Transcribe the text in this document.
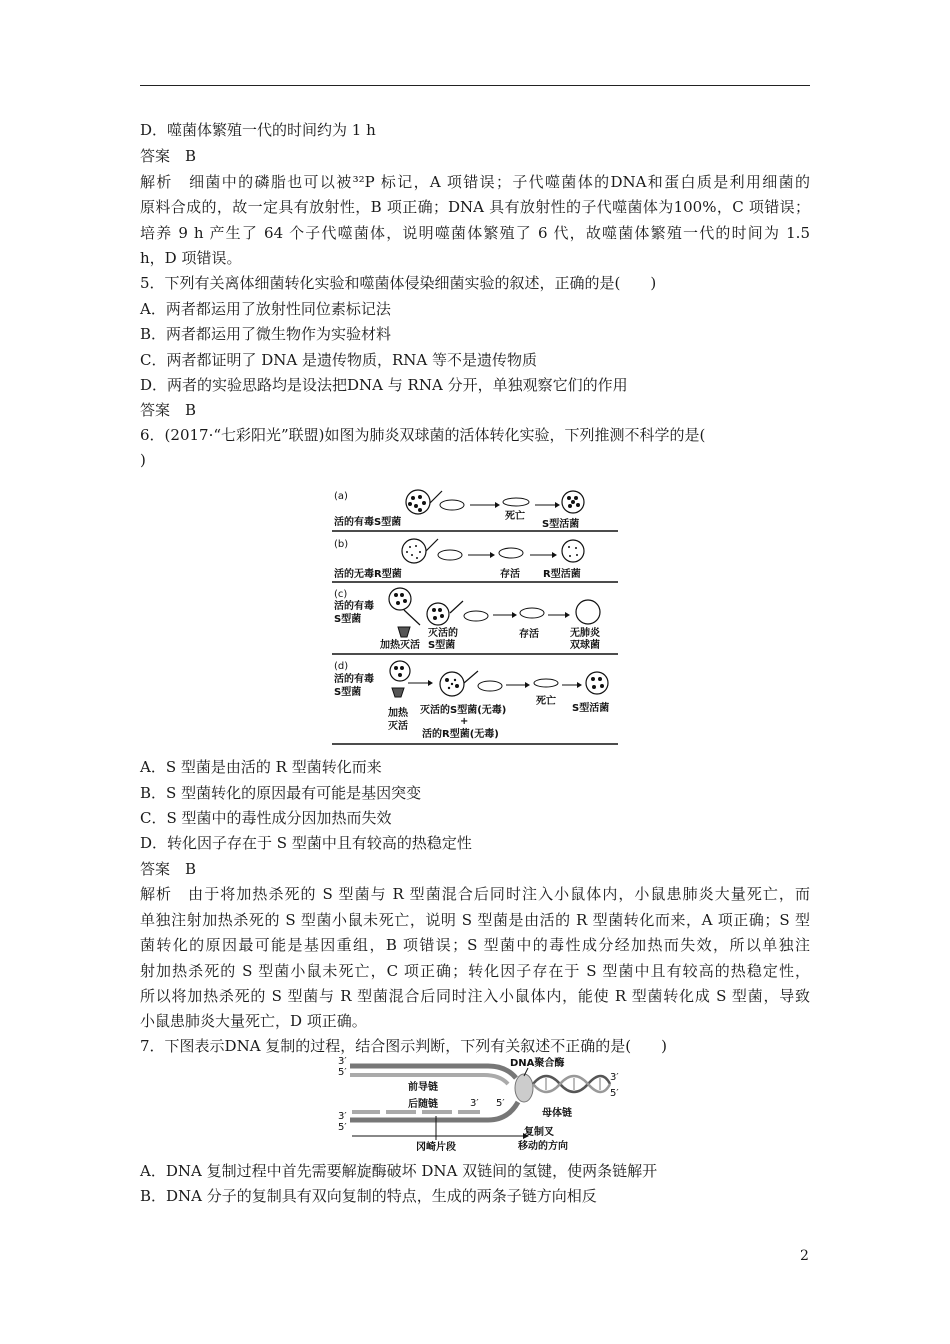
D．噬菌体繁殖一代的时间约为 1 h

答案　B

解析　细菌中的磷脂也可以被³²P 标记，A 项错误；子代噬菌体的DNA和蛋白质是利用细菌的

原料合成的，故一定具有放射性，B 项正确；DNA 具有放射性的子代噬菌体为100%，C 项错误；

培养 9 h 产生了 64 个子代噬菌体，说明噬菌体繁殖了 6 代，故噬菌体繁殖一代的时间为 1.5

h，D 项错误。

5．下列有关离体细菌转化实验和噬菌体侵染细菌实验的叙述，正确的是(　　)

A．两者都运用了放射性同位素标记法

B．两者都运用了微生物作为实验材料

C．两者都证明了 DNA 是遗传物质，RNA 等不是遗传物质

D．两者的实验思路均是设法把DNA 与 RNA 分开，单独观察它们的作用

答案　B

6．(2017·“七彩阳光”联盟)如图为肺炎双球菌的活体转化实验，下列推测不科学的是(

)

(a)
活的有毒S型菌
死亡
S型活菌
(b)
活的无毒R型菌	存活 R型活菌
(c)
活的有毒
S型菌
加热灭活
灭活的
S型菌
存活	无肺炎
双球菌
(d)
活的有毒
S型菌
加热
灭活
灭活的S型菌(无毒)
+
活的R型菌(无毒)
死亡
S型活菌

A．S 型菌是由活的 R 型菌转化而来

B．S 型菌转化的原因最有可能是基因突变

C．S 型菌中的毒性成分因加热而失效

D．转化因子存在于 S 型菌中且有较高的热稳定性

答案　B

解析　由于将加热杀死的 S 型菌与 R 型菌混合后同时注入小鼠体内，小鼠患肺炎大量死亡，而

单独注射加热杀死的 S 型菌小鼠未死亡，说明 S 型菌是由活的 R 型菌转化而来，A 项正确；S 型

菌转化的原因最可能是基因重组，B 项错误；S 型菌中的毒性成分经加热而失效，所以单独注

射加热杀死的 S 型菌小鼠未死亡，C 项正确；转化因子存在于 S 型菌中且有较高的热稳定性，

所以将加热杀死的 S 型菌与 R 型菌混合后同时注入小鼠体内，能使 R 型菌转化成 S 型菌，导致

小鼠患肺炎大量死亡，D 项正确。

7．下图表示DNA 复制的过程，结合图示判断，下列有关叙述不正确的是(　　)

3′
5′
前导链
后随链
3′
5′
3′ 5′
DNA聚合酶
3′
5′
母体链
冈崎片段
复制叉
移动的方向

A．DNA 复制过程中首先需要解旋酶破坏 DNA 双链间的氢键，使两条链解开

B．DNA 分子的复制具有双向复制的特点，生成的两条子链方向相反

2
